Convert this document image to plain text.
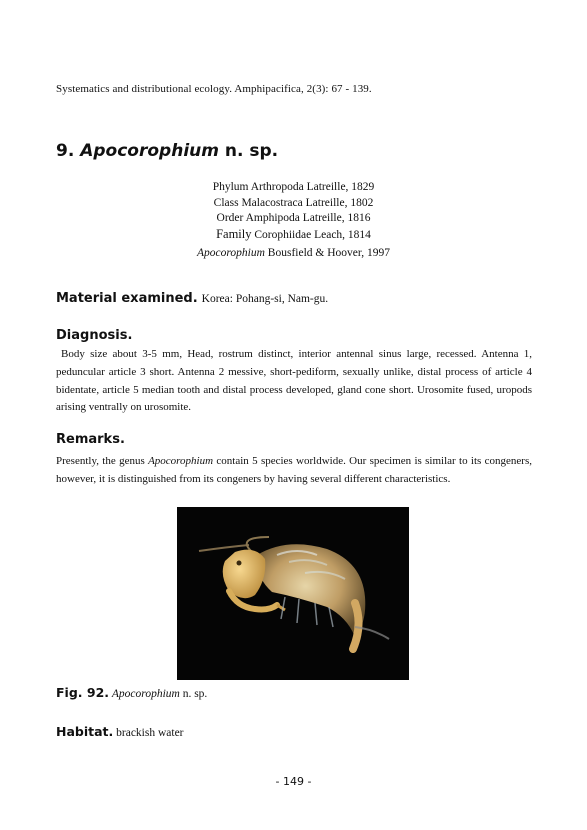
Systematics and distributional ecology. Amphipacifica, 2(3): 67 - 139.
9. Apocorophium n. sp.
Phylum Arthropoda Latreille, 1829
Class Malacostraca Latreille, 1802
Order Amphipoda Latreille, 1816
Family Corophiidae Leach, 1814
Apocorophium Bousfield & Hoover, 1997
Material examined. Korea: Pohang-si, Nam-gu.
Diagnosis.
Body size about 3-5 mm, Head, rostrum distinct, interior antennal sinus large, recessed. Antenna 1, peduncular article 3 short. Antenna 2 messive, short-pediform, sexually unlike, distal process of article 4 bidentate, article 5 median tooth and distal process developed, gland cone short. Urosomite fused, uropods arising ventrally on urosomite.
Remarks.
Presently, the genus Apocorophium contain 5 species worldwide. Our specimen is similar to its congeners, however, it is distinguished from its congeners by having several different characteristics.
Fig. 92. Apocorophium n. sp.
Habitat. brackish water
- 149 -
